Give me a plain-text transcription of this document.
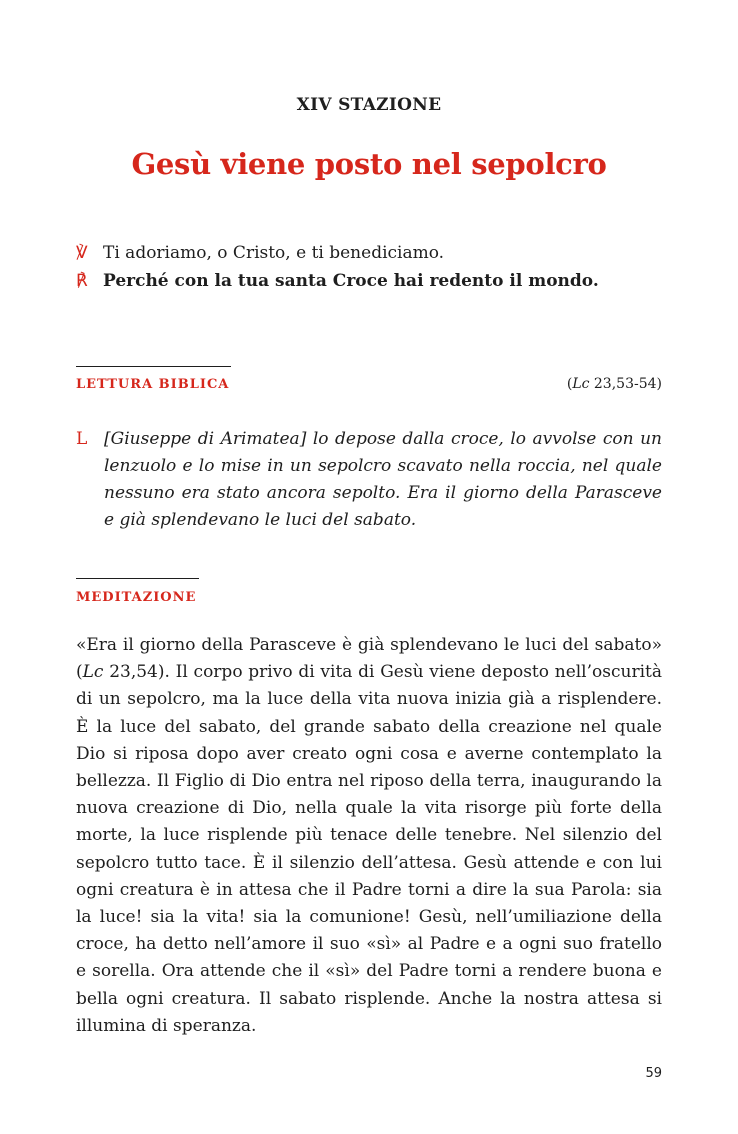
XIV STAZIONE
Gesù viene posto nel sepolcro
℣ Ti adoriamo, o Cristo, e ti benediciamo.
℟ Perché con la tua santa Croce hai redento il mondo.
LETTURA BIBLICA	(Lc 23,53-54)
L [Giuseppe di Arimatea] lo depose dalla croce, lo avvolse con un lenzuolo e lo mise in un sepolcro scavato nella roccia, nel quale nessuno era stato ancora sepolto. Era il giorno della Parasceve e già splendevano le luci del sabato.
MEDITAZIONE
«Era il giorno della Parasceve è già splendevano le luci del sabato» (Lc 23,54). Il corpo privo di vita di Gesù viene deposto nell’oscurità di un sepolcro, ma la luce della vita nuova inizia già a risplendere. È la luce del sabato, del grande sabato della creazione nel quale Dio si riposa dopo aver creato ogni cosa e averne contemplato la bellezza. Il Figlio di Dio entra nel riposo della terra, inaugurando la nuova creazione di Dio, nella quale la vita risorge più forte della morte, la luce risplende più tenace delle tenebre. Nel silenzio del sepolcro tutto tace. È il silenzio dell’attesa. Gesù attende e con lui ogni creatura è in attesa che il Padre torni a dire la sua Parola: sia la luce! sia la vita! sia la comunione! Gesù, nell’umiliazione della croce, ha detto nell’amore il suo «sì» al Padre e a ogni suo fratello e sorella. Ora attende che il «sì» del Padre torni a rendere buona e bella ogni creatura. Il sabato risplende. Anche la nostra attesa si illumina di speranza.
59
